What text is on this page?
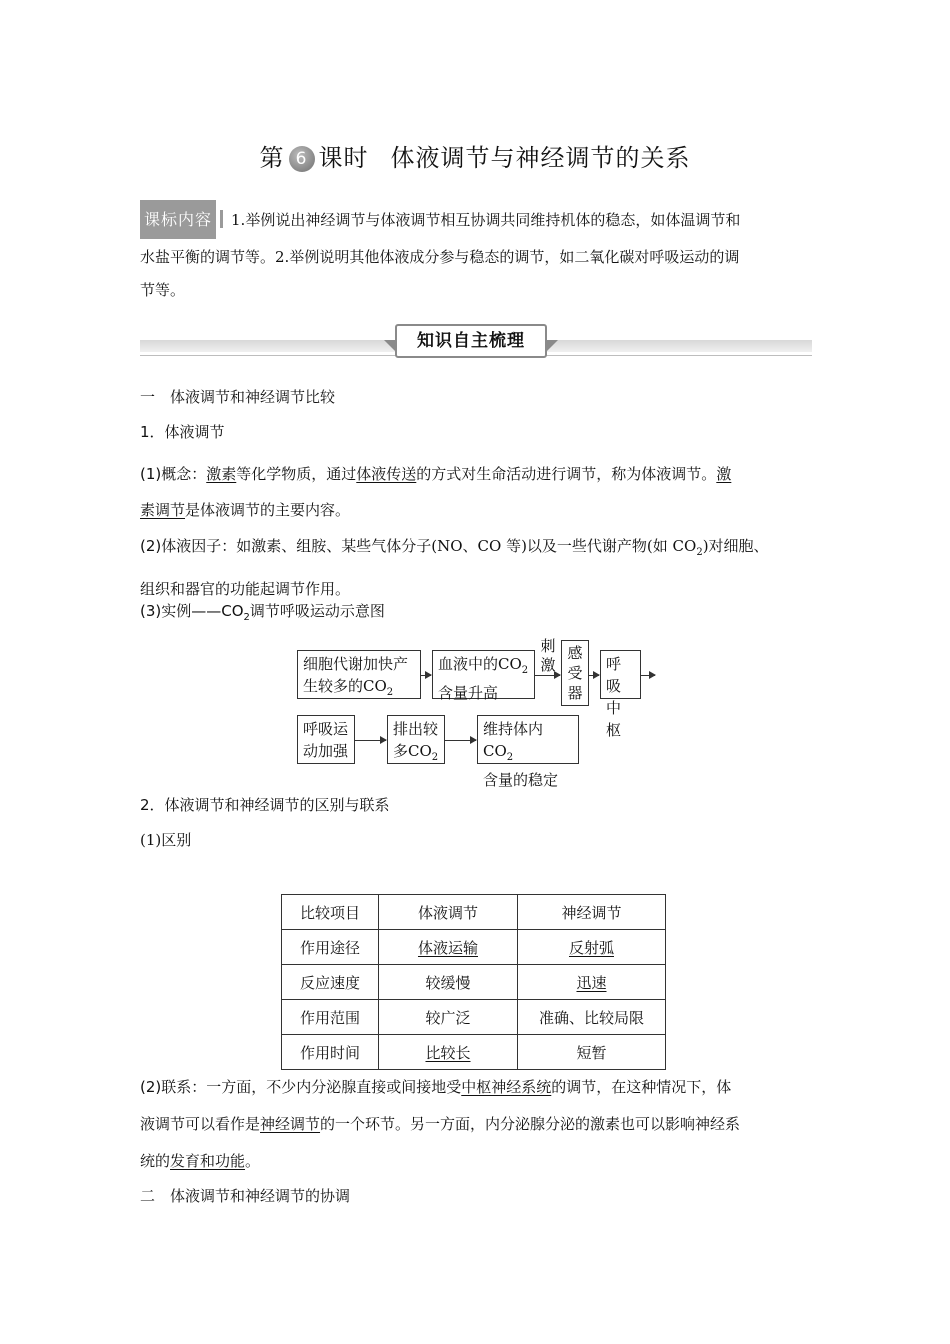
第 6 课时 体液调节与神经调节的关系
课标内容 1.举例说出神经调节与体液调节相互协调共同维持机体的稳态，如体温调节和
水盐平衡的调节等。2.举例说明其他体液成分参与稳态的调节，如二氧化碳对呼吸运动的调
节等。
知识自主梳理
一　体液调节和神经调节比较
1．体液调节
(1)概念：激素等化学物质，通过体液传送的方式对生命活动进行调节，称为体液调节。激
素调节是体液调节的主要内容。
(2)体液因子：如激素、组胺、某些气体分子(NO、CO 等)以及一些代谢产物(如 $CO_2$)对细胞、
组织和器官的功能起调节作用。
(3)实例$——CO_2$调节呼吸运动示意图
细胞代谢加快产
生较多的$CO_2$
血液中的$CO_2$
含量升高
刺
激
感
受
器
呼吸
中枢
呼吸运
动加强
排出较
多$CO_2$
维持体内$CO_2$
含量的稳定
2．体液调节和神经调节的区别与联系
(1)区别
比较项目	体液调节	神经调节
作用途径	体液运输	反射弧
反应速度	较缓慢	迅速
作用范围	较广泛	准确、比较局限
作用时间	比较长	短暂
(2)联系：一方面，不少内分泌腺直接或间接地受中枢神经系统的调节，在这种情况下，体
液调节可以看作是神经调节的一个环节。另一方面，内分泌腺分泌的激素也可以影响神经系
统的发育和功能。
二　体液调节和神经调节的协调
